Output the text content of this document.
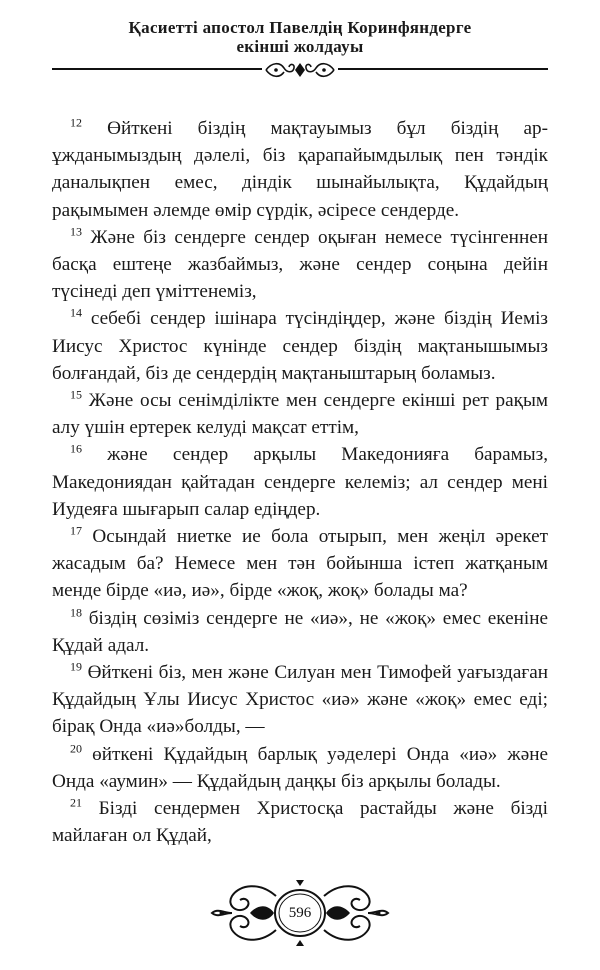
Қасиетті апостол Павелдің Коринфяндерге
екінші жолдауы

$^{12}$ Өйткені біздің мақтауымыз бұл біздің ар-ұжданымыздың дәлелі, біз қарапайымдылық пен тәндік даналықпен емес, діндік шынайылықта, Құдайдың рақымымен әлемде өмір сүрдік, әсіресе сендерде.

$^{13}$ Және біз сендерге сендер оқыған немесе түсінгеннен басқа ештеңе жазбаймыз, және сендер соңына дейін түсінеді деп үміттенеміз,

$^{14}$ себебі сендер ішінара түсіндіңдер, және біздің Иеміз Иисус Христос күнінде сендер біздің мақтанышымыз болғандай, біз де сендердің мақтаныштарың боламыз.

$^{15}$ Және осы сенімділікте мен сендерге екінші рет рақым алу үшін ертерек келуді мақсат еттім,

$^{16}$ және сендер арқылы Македонияға барамыз, Македониядан қайтадан сендерге келеміз; ал сендер мені Иудеяға шығарып салар едіңдер.

$^{17}$ Осындай ниетке ие бола отырып, мен жеңіл әрекет жасадым ба? Немесе мен тән бойынша істеп жатқаным менде бірде «иә, иә», бірде «жоқ, жоқ» болады ма?

$^{18}$ біздің сөзіміз сендерге не «иә», не «жоқ» емес екеніне Құдай адал.

$^{19}$ Өйткені біз, мен және Силуан мен Тимофей уағыздаған Құдайдың Ұлы Иисус Христос «иә» және «жоқ» емес еді; бірақ Онда «иә»болды, —

$^{20}$ өйткені Құдайдың барлық уәделері Онда «иә» және Онда «аумин» — Құдайдың даңқы біз арқылы болады.

$^{21}$ Бізді сендермен Христосқа растайды және бізді майлаған ол Құдай,

596
